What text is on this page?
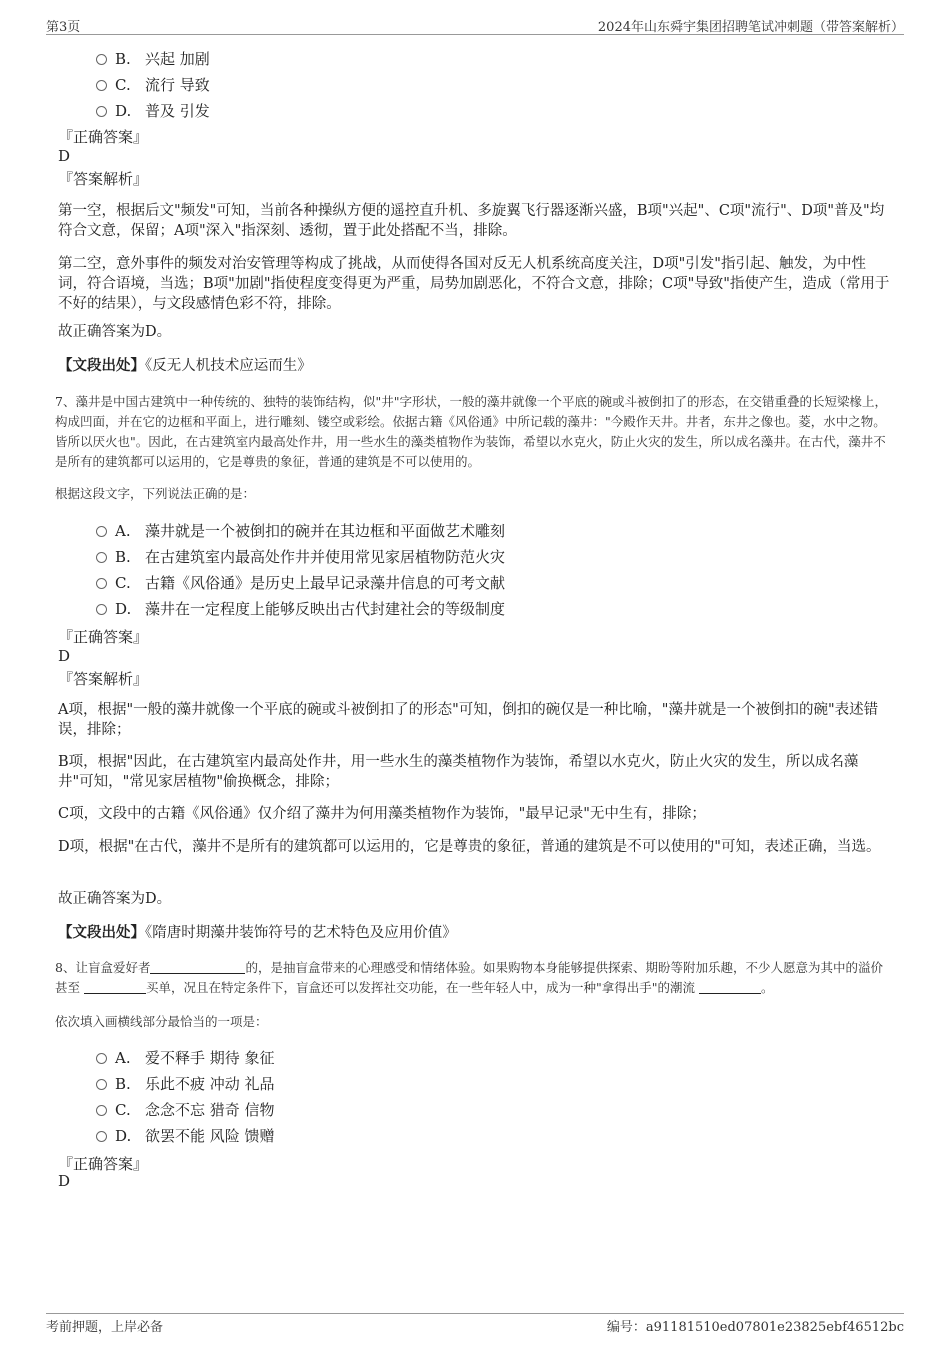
第3页	2024年山东舜宇集团招聘笔试冲刺题（带答案解析）
B. 兴起 加剧
C. 流行 导致
D. 普及 引发
『正确答案』
D
『答案解析』
第一空，根据后文"频发"可知，当前各种操纵方便的遥控直升机、多旋翼飞行器逐渐兴盛，B项"兴起"、C项"流行"、D项"普及"均符合文意，保留；A项"深入"指深刻、透彻，置于此处搭配不当，排除。
第二空，意外事件的频发对治安管理等构成了挑战，从而使得各国对反无人机系统高度关注，D项"引发"指引起、触发，为中性词，符合语境，当选；B项"加剧"指使程度变得更为严重，局势加剧恶化，不符合文意，排除；C项"导致"指使产生，造成（常用于不好的结果），与文段感情色彩不符，排除。
故正确答案为D。
【文段出处】《反无人机技术应运而生》
7、藻井是中国古建筑中一种传统的、独特的装饰结构，似"井"字形状，一般的藻井就像一个平底的碗或斗被倒扣了的形态，在交错重叠的长短梁椽上，构成凹面，并在它的边框和平面上，进行雕刻、镂空或彩绘。依据古籍《风俗通》中所记载的藻井："今殿作天井。井者，东井之像也。菱，水中之物。皆所以厌火也"。因此，在古建筑室内最高处作井，用一些水生的藻类植物作为装饰，希望以水克火，防止火灾的发生，所以成名藻井。在古代，藻井不是所有的建筑都可以运用的，它是尊贵的象征，普通的建筑是不可以使用的。
根据这段文字，下列说法正确的是：
A. 藻井就是一个被倒扣的碗并在其边框和平面做艺术雕刻
B. 在古建筑室内最高处作井并使用常见家居植物防范火灾
C. 古籍《风俗通》是历史上最早记录藻井信息的可考文献
D. 藻井在一定程度上能够反映出古代封建社会的等级制度
『正确答案』
D
『答案解析』
A项，根据"一般的藻井就像一个平底的碗或斗被倒扣了的形态"可知，倒扣的碗仅是一种比喻，"藻井就是一个被倒扣的碗"表述错误，排除；
B项，根据"因此，在古建筑室内最高处作井，用一些水生的藻类植物作为装饰，希望以水克火，防止火灾的发生，所以成名藻井"可知，"常见家居植物"偷换概念，排除；
C项，文段中的古籍《风俗通》仅介绍了藻井为何用藻类植物作为装饰，"最早记录"无中生有，排除；
D项，根据"在古代，藻井不是所有的建筑都可以运用的，它是尊贵的象征，普通的建筑是不可以使用的"可知，表述正确，当选。
故正确答案为D。
【文段出处】《隋唐时期藻井装饰符号的艺术特色及应用价值》
8、让盲盒爱好者	的，是抽盲盒带来的心理感受和情绪体验。如果购物本身能够提供探索、期盼等附加乐趣，不少人愿意为其中的溢价甚至	买单，况且在特定条件下，盲盒还可以发挥社交功能，在一些年轻人中，成为一种"拿得出手"的潮流	。
依次填入画横线部分最恰当的一项是：
A. 爱不释手 期待 象征
B. 乐此不疲 冲动 礼品
C. 念念不忘 猎奇 信物
D. 欲罢不能 风险 馈赠
『正确答案』
D
考前押题，上岸必备	编号：a91181510ed07801e23825ebf46512bc
